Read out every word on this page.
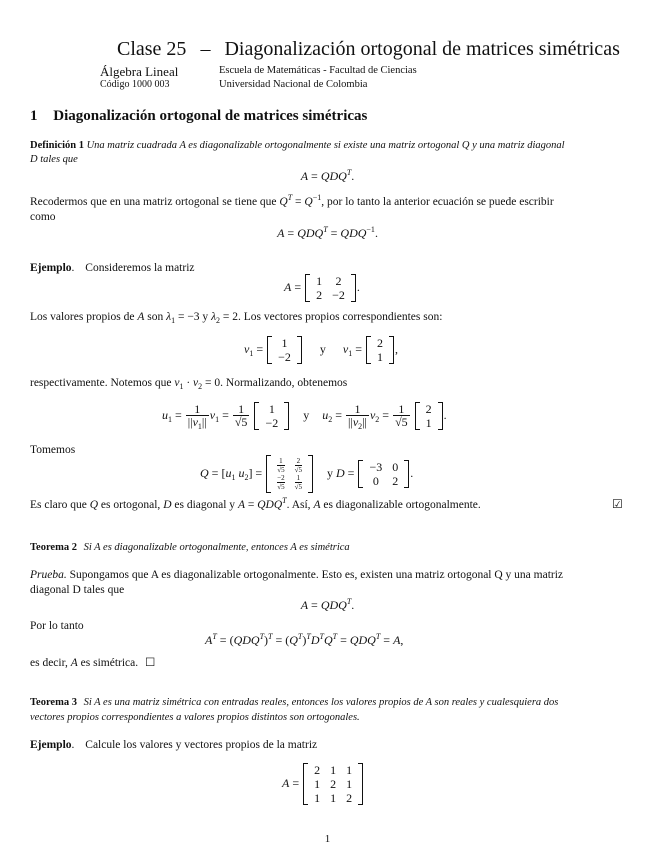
Clase 25 – Diagonalización ortogonal de matrices simétricas
Álgebra Lineal
Código 1000 003
Escuela de Matemáticas - Facultad de Ciencias
Universidad Nacional de Colombia
1 Diagonalización ortogonal de matrices simétricas
Definición 1 Una matriz cuadrada A es diagonalizable ortogonalmente si existe una matriz ortogonal Q y una matriz diagonal
D tales que
$A = QDQ^T$.
Recodermos que en una matriz ortogonal se tiene que $Q^T = Q^{-1}$, por lo tanto la anterior ecuación se puede escribir
como
$A = QDQ^T = QDQ^{-1}$.
Ejemplo. Consideremos la matriz
A = 1	2
2	−2
.
Los valores propios de A son $\lambda_1 = -3$ y $\lambda_2 = 2$. Los vectores propios correspondientes son:
$v_1 = 1$
−2
y $v_1 = 2$
1
,
respectivamente. Notemos que $v_1 \cdot v_2 = 0$. Normalizando, obtenemos
$u_1 = \frac{1}{||v_1||} v_1 = \frac{1}{√5}$
1
−2
y $u_2 = \frac{1}{||v_2||} v_2 = \frac{1}{√5}$
2
1
.
Tomemos
$Q = [u_1$ $u_2] = \frac{1}{√5}$	$\frac{2}{√5}$

$\frac{-2}{√5}$	$\frac{1}{√5}$
y D = −3	0
0	2
.
Es claro que Q es ortogonal, D es diagonal y $A = QDQ^T$. Así, A es diagonalizable ortogonalmente.	☑
Teorema 2 Si A es diagonalizable ortogonalmente, entonces A es simétrica
Prueba. Supongamos que A es diagonalizable ortogonalmente. Esto es, existen una matriz ortogonal Q y una matriz
diagonal D tales que
$A = QDQ^T$.
Por lo tanto
$A^T = (QDQ^T)^T = (Q^T)^TD^TQ^T = QDQ^T = A$,
es decir, A es simétrica. ☐
Teorema 3 Si A es una matriz simétrica con entradas reales, entonces los valores propios de A son reales y cualesquiera dos
vectores propios correspondientes a valores propios distintos son ortogonales.
Ejemplo. Calcule los valores y vectores propios de la matriz
A =
2	1	1
1	2	1
1	1	2
1
